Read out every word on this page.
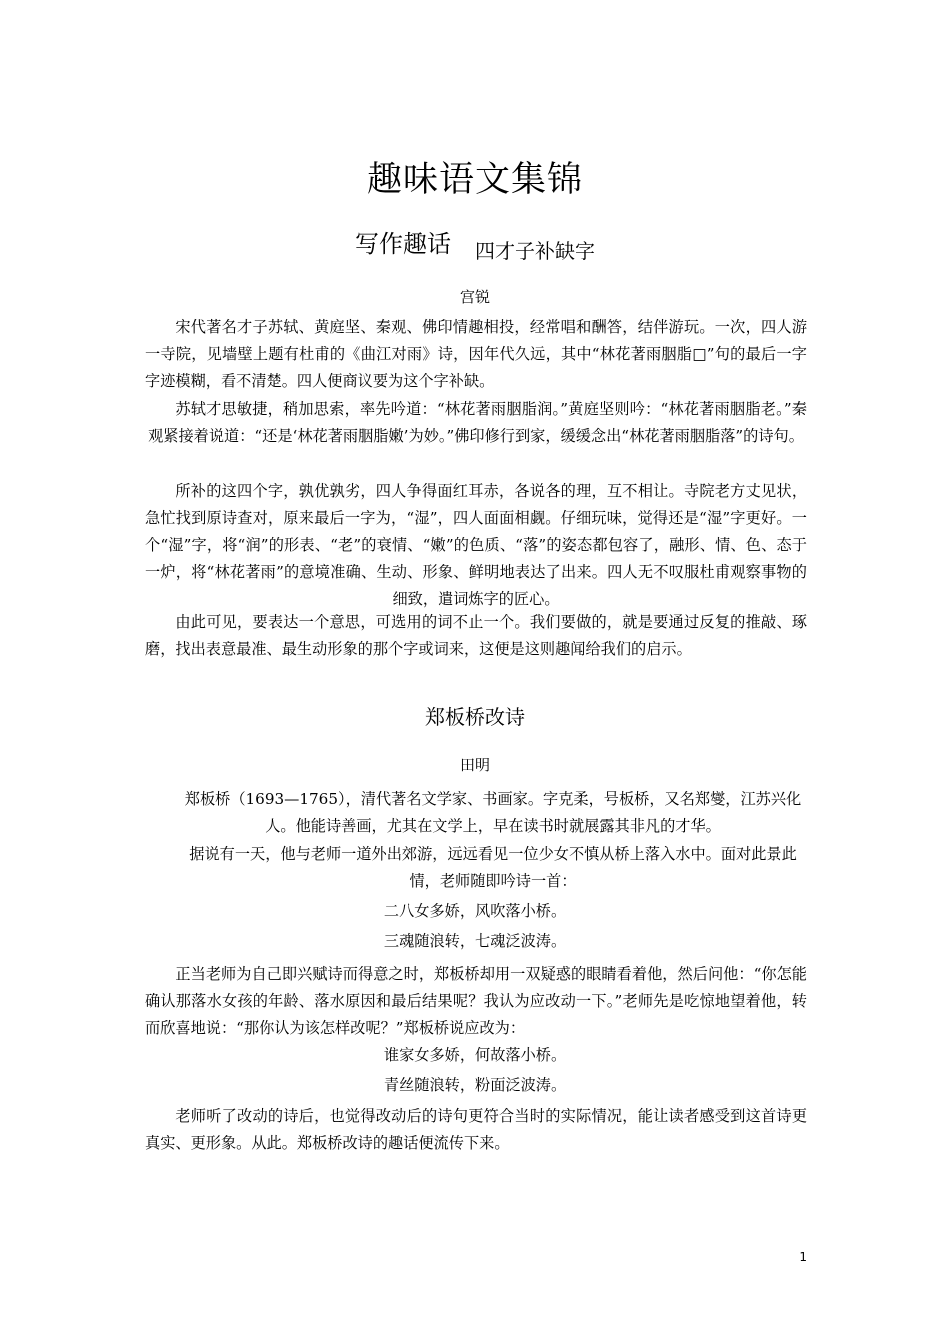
趣味语文集锦
写作趣话 四才子补缺字
宫锐

宋代著名才子苏轼、黄庭坚、秦观、佛印情趣相投，经常唱和酬答，结伴游玩。一次，四人游一寺院，见墙壁上题有杜甫的《曲江对雨》诗，因年代久远，其中“林花著雨胭脂□”句的最后一字字迹模糊，看不清楚。四人便商议要为这个字补缺。

苏轼才思敏捷，稍加思索，率先吟道：“林花著雨胭脂润。”黄庭坚则吟：“林花著雨胭脂老。”秦观紧接着说道：“还是‘林花著雨胭脂嫩’为妙。”佛印修行到家，缓缓念出“林花著雨胭脂落”的诗句。

所补的这四个字，孰优孰劣，四人争得面红耳赤，各说各的理，互不相让。寺院老方丈见状，急忙找到原诗查对，原来最后一字为，“湿”，四人面面相觑。仔细玩味，觉得还是“湿”字更好。一个“湿”字，将“润”的形表、“老”的衰情、“嫩”的色质、“落”的姿态都包容了，融形、情、色、态于一炉，将“林花著雨”的意境准确、生动、形象、鲜明地表达了出来。四人无不叹服杜甫观察事物的细致，遣词炼字的匠心。

由此可见，要表达一个意思，可选用的词不止一个。我们要做的，就是要通过反复的推敲、琢磨，找出表意最准、最生动形象的那个字或词来，这便是这则趣闻给我们的启示。

郑板桥改诗
田明

郑板桥（1693—1765），清代著名文学家、书画家。字克柔，号板桥，又名郑燮，江苏兴化人。他能诗善画，尤其在文学上，早在读书时就展露其非凡的才华。

据说有一天，他与老师一道外出郊游，远远看见一位少女不慎从桥上落入水中。面对此景此情，老师随即吟诗一首：

二八女多娇，风吹落小桥。
三魂随浪转，七魂泛波涛。

正当老师为自己即兴赋诗而得意之时，郑板桥却用一双疑惑的眼睛看着他，然后问他：“你怎能确认那落水女孩的年龄、落水原因和最后结果呢？我认为应改动一下。”老师先是吃惊地望着他，转而欣喜地说：“那你认为该怎样改呢？”郑板桥说应改为：

谁家女多娇，何故落小桥。
青丝随浪转，粉面泛波涛。

老师听了改动的诗后，也觉得改动后的诗句更符合当时的实际情况，能让读者感受到这首诗更真实、更形象。从此。郑板桥改诗的趣话便流传下来。

1
